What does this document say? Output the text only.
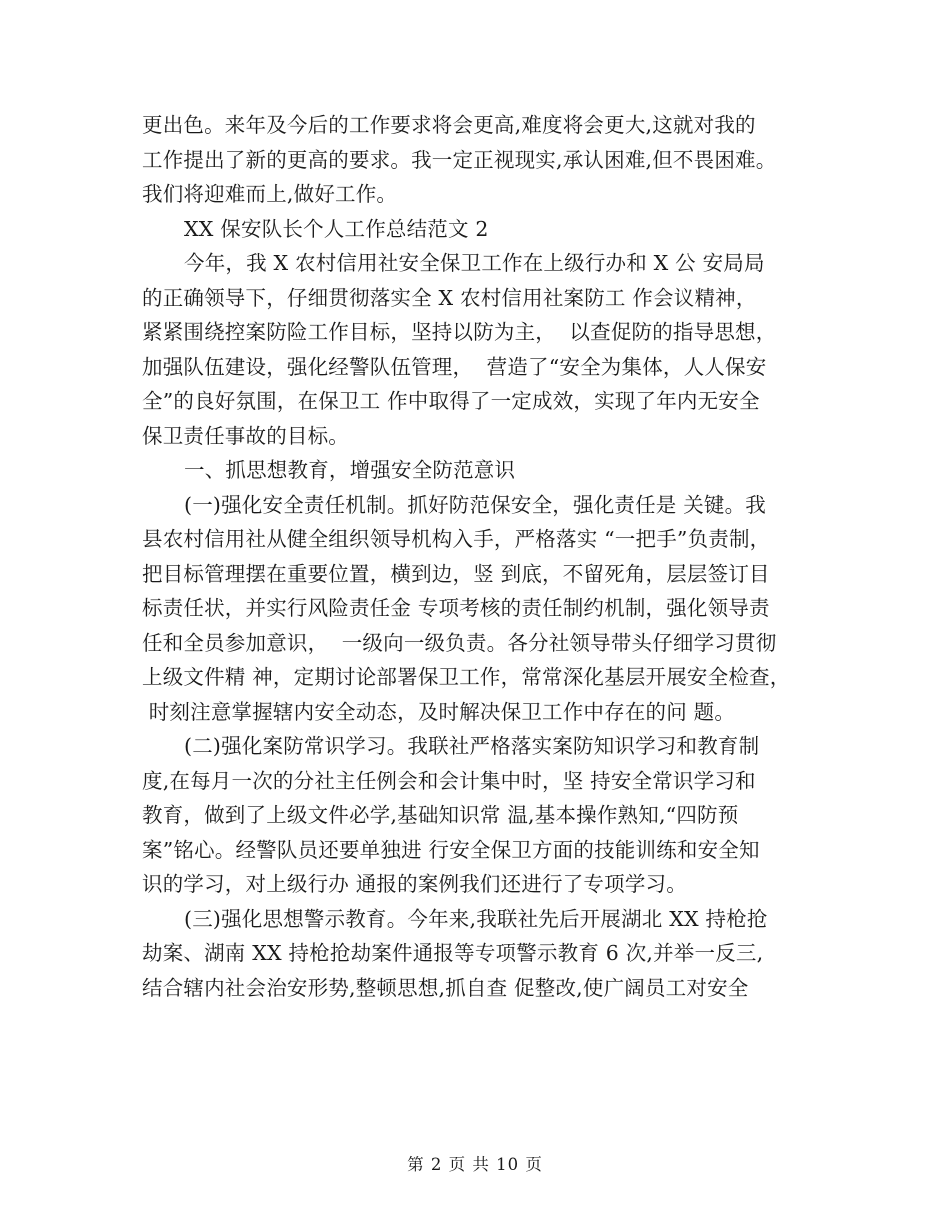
更出色。来年及今后的工作要求将会更高,难度将会更大,这就对我的
工作提出了新的更高的要求。我一定正视现实,承认困难,但不畏困难。
我们将迎难而上,做好工作。
XX 保安队长个人工作总结范文 2
今年，我 X 农村信用社安全保卫工作在上级行办和 X 公 安局局
的正确领导下，仔细贯彻落实全 X 农村信用社案防工 作会议精神，
紧紧围绕控案防险工作目标，坚持以防为主，  以查促防的指导思想，
加强队伍建设，强化经警队伍管理，  营造了“安全为集体，人人保安
全”的良好氛围，在保卫工 作中取得了一定成效，实现了年内无安全
保卫责任事故的目标。
一、抓思想教育，增强安全防范意识
(一)强化安全责任机制。抓好防范保安全，强化责任是 关键。我
县农村信用社从健全组织领导机构入手，严格落实 “一把手”负责制，
把目标管理摆在重要位置，横到边，竖 到底，不留死角，层层签订目
标责任状，并实行风险责任金 专项考核的责任制约机制，强化领导责
任和全员参加意识，  一级向一级负责。各分社领导带头仔细学习贯彻
上级文件精 神，定期讨论部署保卫工作，常常深化基层开展安全检查，
时刻注意掌握辖内安全动态，及时解决保卫工作中存在的问 题。
(二)强化案防常识学习。我联社严格落实案防知识学习和教育制
度,在每月一次的分社主任例会和会计集中时，坚 持安全常识学习和
教育，做到了上级文件必学,基础知识常 温,基本操作熟知,“四防预
案”铭心。经警队员还要单独进 行安全保卫方面的技能训练和安全知
识的学习，对上级行办 通报的案例我们还进行了专项学习。
(三)强化思想警示教育。今年来,我联社先后开展湖北 XX 持枪抢
劫案、湖南 XX 持枪抢劫案件通报等专项警示教育 6 次,并举一反三,
结合辖内社会治安形势,整顿思想,抓自查 促整改,使广阔员工对安全
第 2 页 共 10 页
